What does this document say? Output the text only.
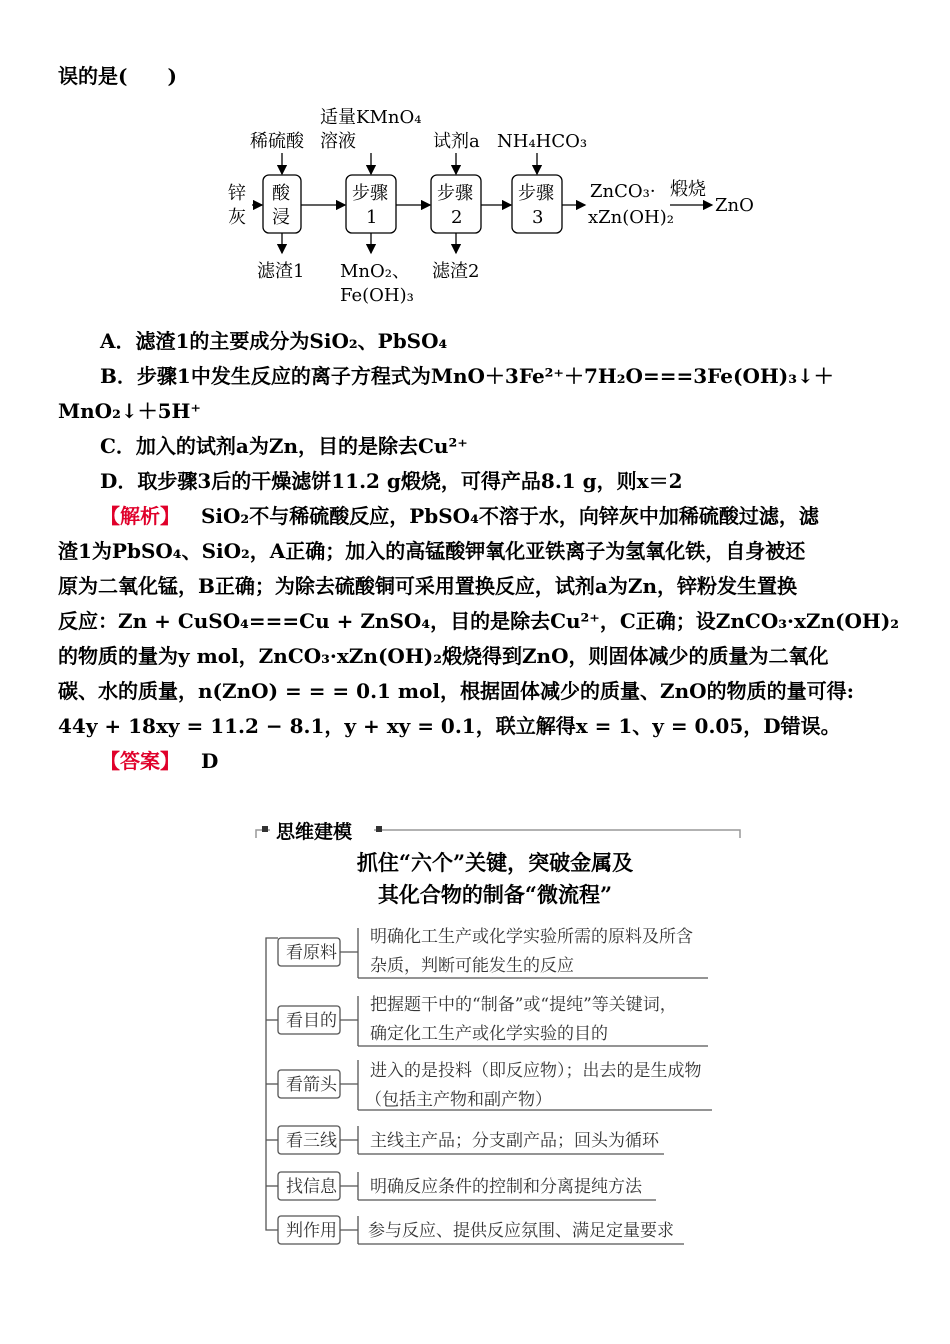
误的是(　　)
锌
灰
酸
浸
步骤
1
步骤
2
步骤
3
稀硫酸
适量KMnO₄
溶液	试剂a NH₄HCO₃
滤渣1 MnO₂、
Fe(OH)₃
滤渣2
ZnCO₃·
xZn(OH)₂
煅烧
ZnO
A．滤渣1的主要成分为SiO₂、PbSO₄
B．步骤1中发生反应的离子方程式为MnO＋3Fe²⁺＋7H₂O===3Fe(OH)₃↓＋
MnO₂↓＋5H⁺
C．加入的试剂a为Zn，目的是除去Cu²⁺
D．取步骤3后的干燥滤饼11.2 g煅烧，可得产品8.1 g，则x＝2
【解析】 SiO₂不与稀硫酸反应，PbSO₄不溶于水，向锌灰中加稀硫酸过滤，滤
渣1为PbSO₄、SiO₂，A正确；加入的高锰酸钾氧化亚铁离子为氢氧化铁，自身被还
原为二氧化锰，B正确；为除去硫酸铜可采用置换反应，试剂a为Zn，锌粉发生置换
反应：Zn + CuSO₄===Cu + ZnSO₄，目的是除去Cu²⁺，C正确；设ZnCO₃·xZn(OH)₂
的物质的量为y mol，ZnCO₃·xZn(OH)₂煅烧得到ZnO，则固体减少的质量为二氧化
碳、水的质量，n(ZnO) = = = 0.1 mol，根据固体减少的质量、ZnO的物质的量可得:
44y + 18xy = 11.2 − 8.1，y + xy = 0.1，联立解得x = 1、y = 0.05，D错误。
【答案】 D
思维建模
抓住“六个”关键，突破金属及
其化合物的制备“微流程”
看原料
明确化工生产或化学实验所需的原料及所含
杂质，判断可能发生的反应
看目的
把握题干中的“制备”或“提纯”等关键词，
确定化工生产或化学实验的目的
看箭头
进入的是投料（即反应物）；出去的是生成物
（包括主产物和副产物）
看三线 主线主产品；分支副产品；回头为循环
找信息 明确反应条件的控制和分离提纯方法
判作用 参与反应、提供反应氛围、满足定量要求
